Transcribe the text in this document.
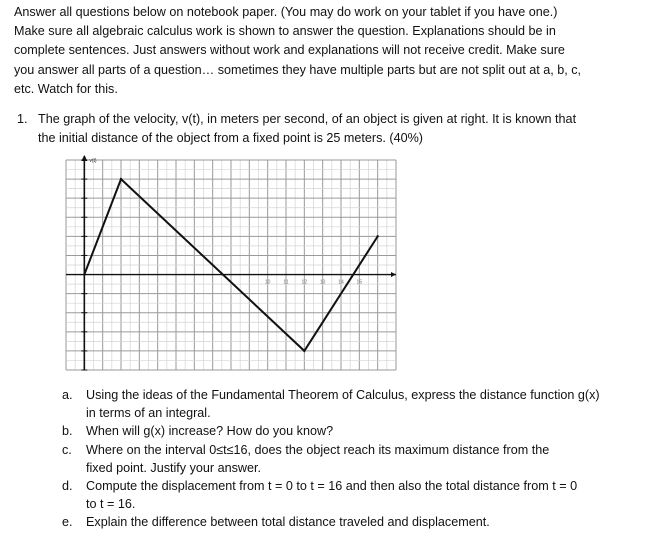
Answer all questions below on notebook paper. (You may do work on your tablet if you have one.)
Make sure all algebraic calculus work is shown to answer the question. Explanations should be in
complete sentences. Just answers without work and explanations will not receive credit. Make sure
you answer all parts of a question… sometimes they have multiple parts but are not split out at a, b, c,
etc. Watch for this.
1. The graph of the velocity, v(t), in meters per second, of an object is given at right. It is known that
the initial distance of the object from a fixed point is 25 meters. (40%)
v(t)
10	11	12	13	14	15
a. Using the ideas of the Fundamental Theorem of Calculus, express the distance function g(x)
in terms of an integral.
b. When will g(x) increase? How do you know?
c. Where on the interval 0≤t≤16, does the object reach its maximum distance from the
fixed point. Justify your answer.
d. Compute the displacement from t = 0 to t = 16 and then also the total distance from t = 0
to t = 16.
e. Explain the difference between total distance traveled and displacement.
